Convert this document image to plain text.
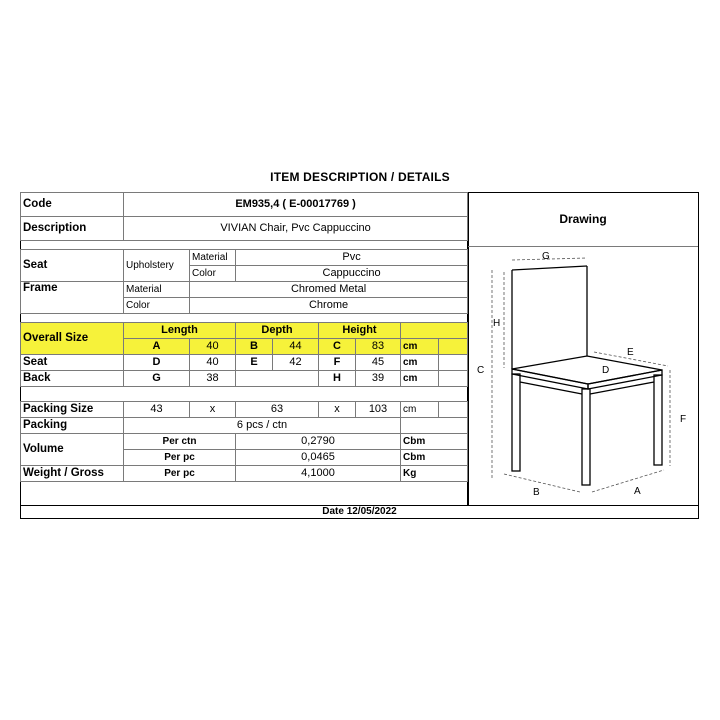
ITEM DESCRIPTION / DETAILS
Code	EM935,4 ( E-00017769 )							
Description	VIVIAN Chair, Pvc Cappuccino							

Seat	Upholstery	Material	Pvc					
		Color	Cappuccino					
Frame	Material	Chromed Metal						
	Color	Chrome						

Overall Size	Length		Depth		Height			
	A	40	B	44	C	83	cm	
Seat	D	40	E	42	F	45	cm	
Back	G	38			H	39	cm	

Packing Size	43	x	63		x	103	cm	
Packing	6 pcs / ctn							
Volume	Per ctn		0,2790				Cbm	
	Per pc		0,0465				Cbm	
Weight / Gross	Per pc		4,1000				Kg	
Drawing
G
H
C
E
D
F
B	A
Date 12/05/2022
